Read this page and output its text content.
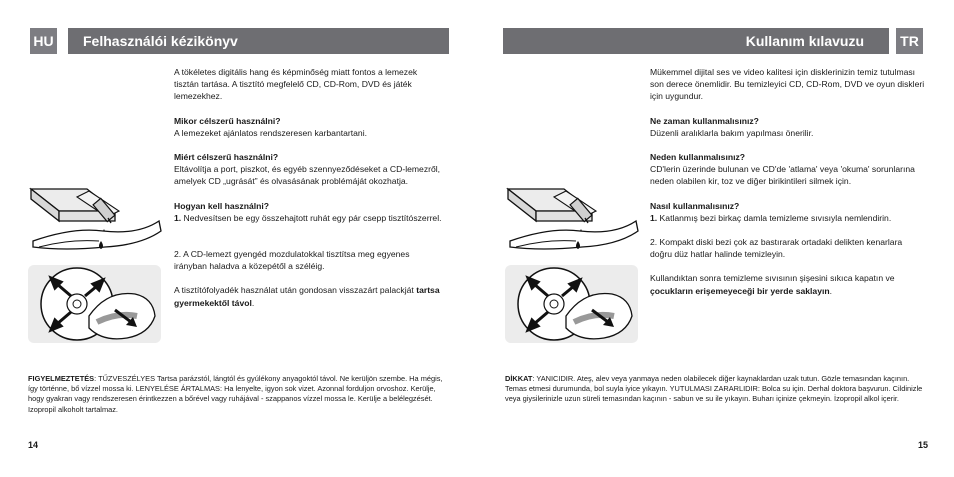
HU	Felhasználói kézikönyv

A tökéletes digitális hang és képminőség miatt fontos a lemezek tisztán tartása. A tisztító megfelelő CD, CD-Rom, DVD és játék lemezekhez.

Mikor célszerű használni?
A lemezeket ajánlatos rendszeresen karbantartani.

Miért célszerű használni?
Eltávolítja a port, piszkot, és egyéb szennyeződéseket a CD-lemezről, amelyek CD „ugrását” és olvasásának problémáját okozhatja.

Hogyan kell használni?
1. Nedvesítsen be egy összehajtott ruhát egy pár csepp tisztítószerrel.

2. A CD-lemezt gyengéd mozdulatokkal tisztítsa meg egyenes irányban haladva a közepétől a széléig.

A tisztítófolyadék használat után gondosan visszazárt palackját tartsa gyermekektől távol.

FIGYELMEZTETÉS: TŰZVESZÉLYES Tartsa parázstól, lángtól és gyúlékony anyagoktól távol. Ne kerüljön szembe. Ha mégis, így történne, bő vízzel mossa ki. LENYELÉSE ÁRTALMAS: Ha lenyelte, igyon sok vizet. Azonnal forduljon orvoshoz. Kerülje, hogy gyakran vagy rendszeresen érintkezzen a bőrével vagy ruhájával - szappanos vízzel mossa le. Kerülje a belélegzését. Izopropil alkoholt tartalmaz.
14
Kullanım kılavuzu	TR

Mükemmel dijital ses ve video kalitesi için disklerinizin temiz tutulması son derece önemlidir. Bu temizleyici CD, CD-Rom, DVD ve oyun diskleri için uygundur.

Ne zaman kullanmalısınız?
Düzenli aralıklarla bakım yapılması önerilir.

Neden kullanmalısınız?
CD'lerin üzerinde bulunan ve CD'de 'atlama' veya 'okuma' sorunlarına neden olabilen kir, toz ve diğer birikintileri silmek için.

Nasıl kullanmalısınız?
1. Katlanmış bezi birkaç damla temizleme sıvısıyla nemlendirin.

2. Kompakt diski bezi çok az bastırarak ortadaki delikten kenarlara doğru düz hatlar halinde temizleyin.

Kullandıktan sonra temizleme sıvısının şişesini sıkıca kapatın ve çocukların erişemeyeceği bir yerde saklayın.

DİKKAT: YANICIDIR. Ateş, alev veya yanmaya neden olabilecek diğer kaynaklardan uzak tutun. Gözle temasından kaçının. Temas etmesi durumunda, bol suyla iyice yıkayın. YUTULMASI ZARARLIDIR: Bolca su için. Derhal doktora başvurun. Cildinizle veya giysilerinizle uzun süreli temasından kaçının - sabun ve su ile yıkayın. Buharı içinize çekmeyin. İzopropil alkol içerir.
15
